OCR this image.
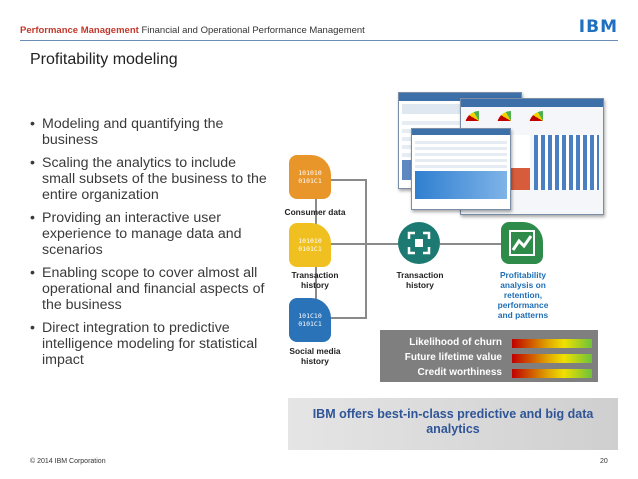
Performance Management Financial and Operational Performance Management	IBM
Profitability modeling
• Modeling and quantifying the business
• Scaling the analytics to include small subsets of the business to the entire organization
• Providing an interactive user experience to manage data and scenarios
• Enabling scope to cover almost all operational and financial aspects of the business
• Direct integration to predictive intelligence modeling for statistical impact
101010
0101C1
Consumer data
101010
0101C1
Transaction
history
101C10
0101C1
Social media
history
Transaction
history
Profitability
analysis on
retention,
performance
and patterns
Likelihood of churn
Future lifetime value
Credit worthiness
IBM offers best-in-class predictive and big data analytics
© 2014 IBM Corporation	20
